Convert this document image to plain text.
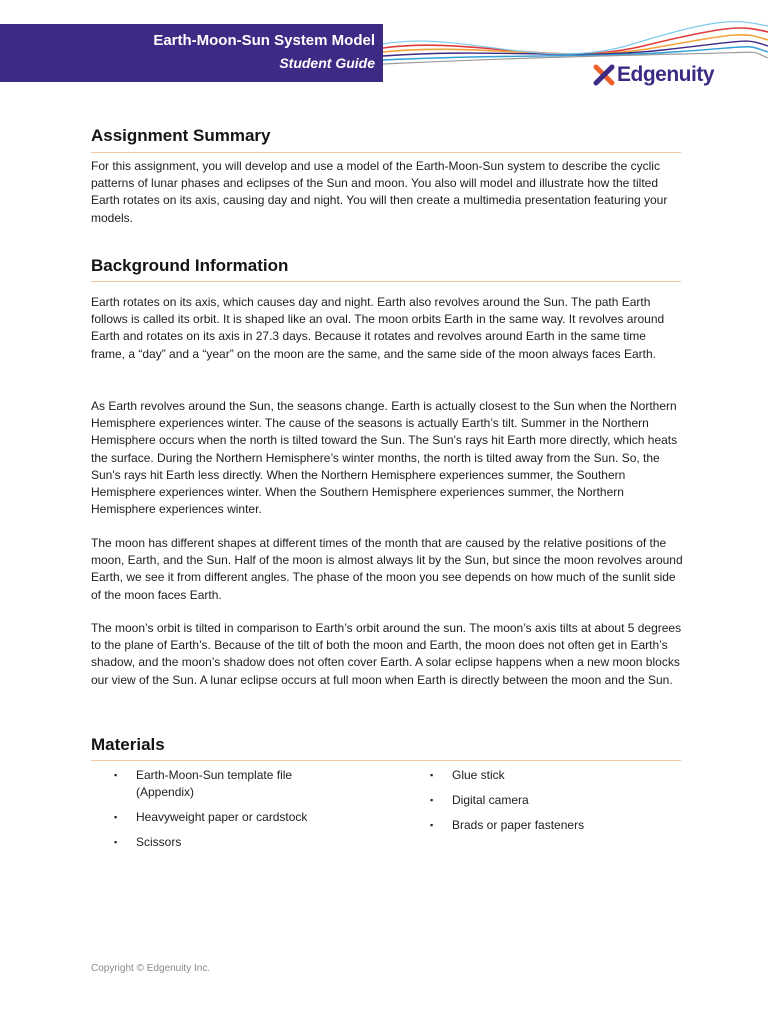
Earth-Moon-Sun System Model
Student Guide	Edgenuity
Assignment Summary

For this assignment, you will develop and use a model of the Earth-Moon-Sun system to describe the cyclic patterns of lunar phases and eclipses of the Sun and moon. You also will model and illustrate how the tilted Earth rotates on its axis, causing day and night. You will then create a multimedia presentation featuring your models.

Background Information

Earth rotates on its axis, which causes day and night. Earth also revolves around the Sun. The path Earth follows is called its orbit. It is shaped like an oval. The moon orbits Earth in the same way. It revolves around Earth and rotates on its axis in 27.3 days. Because it rotates and revolves around Earth in the same time frame, a “day” and a “year” on the moon are the same, and the same side of the moon always faces Earth.

As Earth revolves around the Sun, the seasons change. Earth is actually closest to the Sun when the Northern Hemisphere experiences winter. The cause of the seasons is actually Earth’s tilt. Summer in the Northern Hemisphere occurs when the north is tilted toward the Sun. The Sun's rays hit Earth more directly, which heats the surface. During the Northern Hemisphere’s winter months, the north is tilted away from the Sun. So, the Sun's rays hit Earth less directly. When the Northern Hemisphere experiences summer, the Southern Hemisphere experiences winter. When the Southern Hemisphere experiences summer, the Northern Hemisphere experiences winter.

The moon has different shapes at different times of the month that are caused by the relative positions of the moon, Earth, and the Sun. Half of the moon is almost always lit by the Sun, but since the moon revolves around Earth, we see it from different angles. The phase of the moon you see depends on how much of the sunlit side of the moon faces Earth.

The moon’s orbit is tilted in comparison to Earth’s orbit around the sun. The moon’s axis tilts at about 5 degrees to the plane of Earth’s. Because of the tilt of both the moon and Earth, the moon does not often get in Earth’s shadow, and the moon’s shadow does not often cover Earth. A solar eclipse happens when a new moon blocks our view of the Sun. A lunar eclipse occurs at full moon when Earth is directly between the moon and the Sun.

Materials
▪ Earth-Moon-Sun template file (Appendix)
▪ Heavyweight paper or cardstock
▪ Scissors
▪ Glue stick
▪ Digital camera
▪ Brads or paper fasteners
Copyright © Edgenuity Inc.
